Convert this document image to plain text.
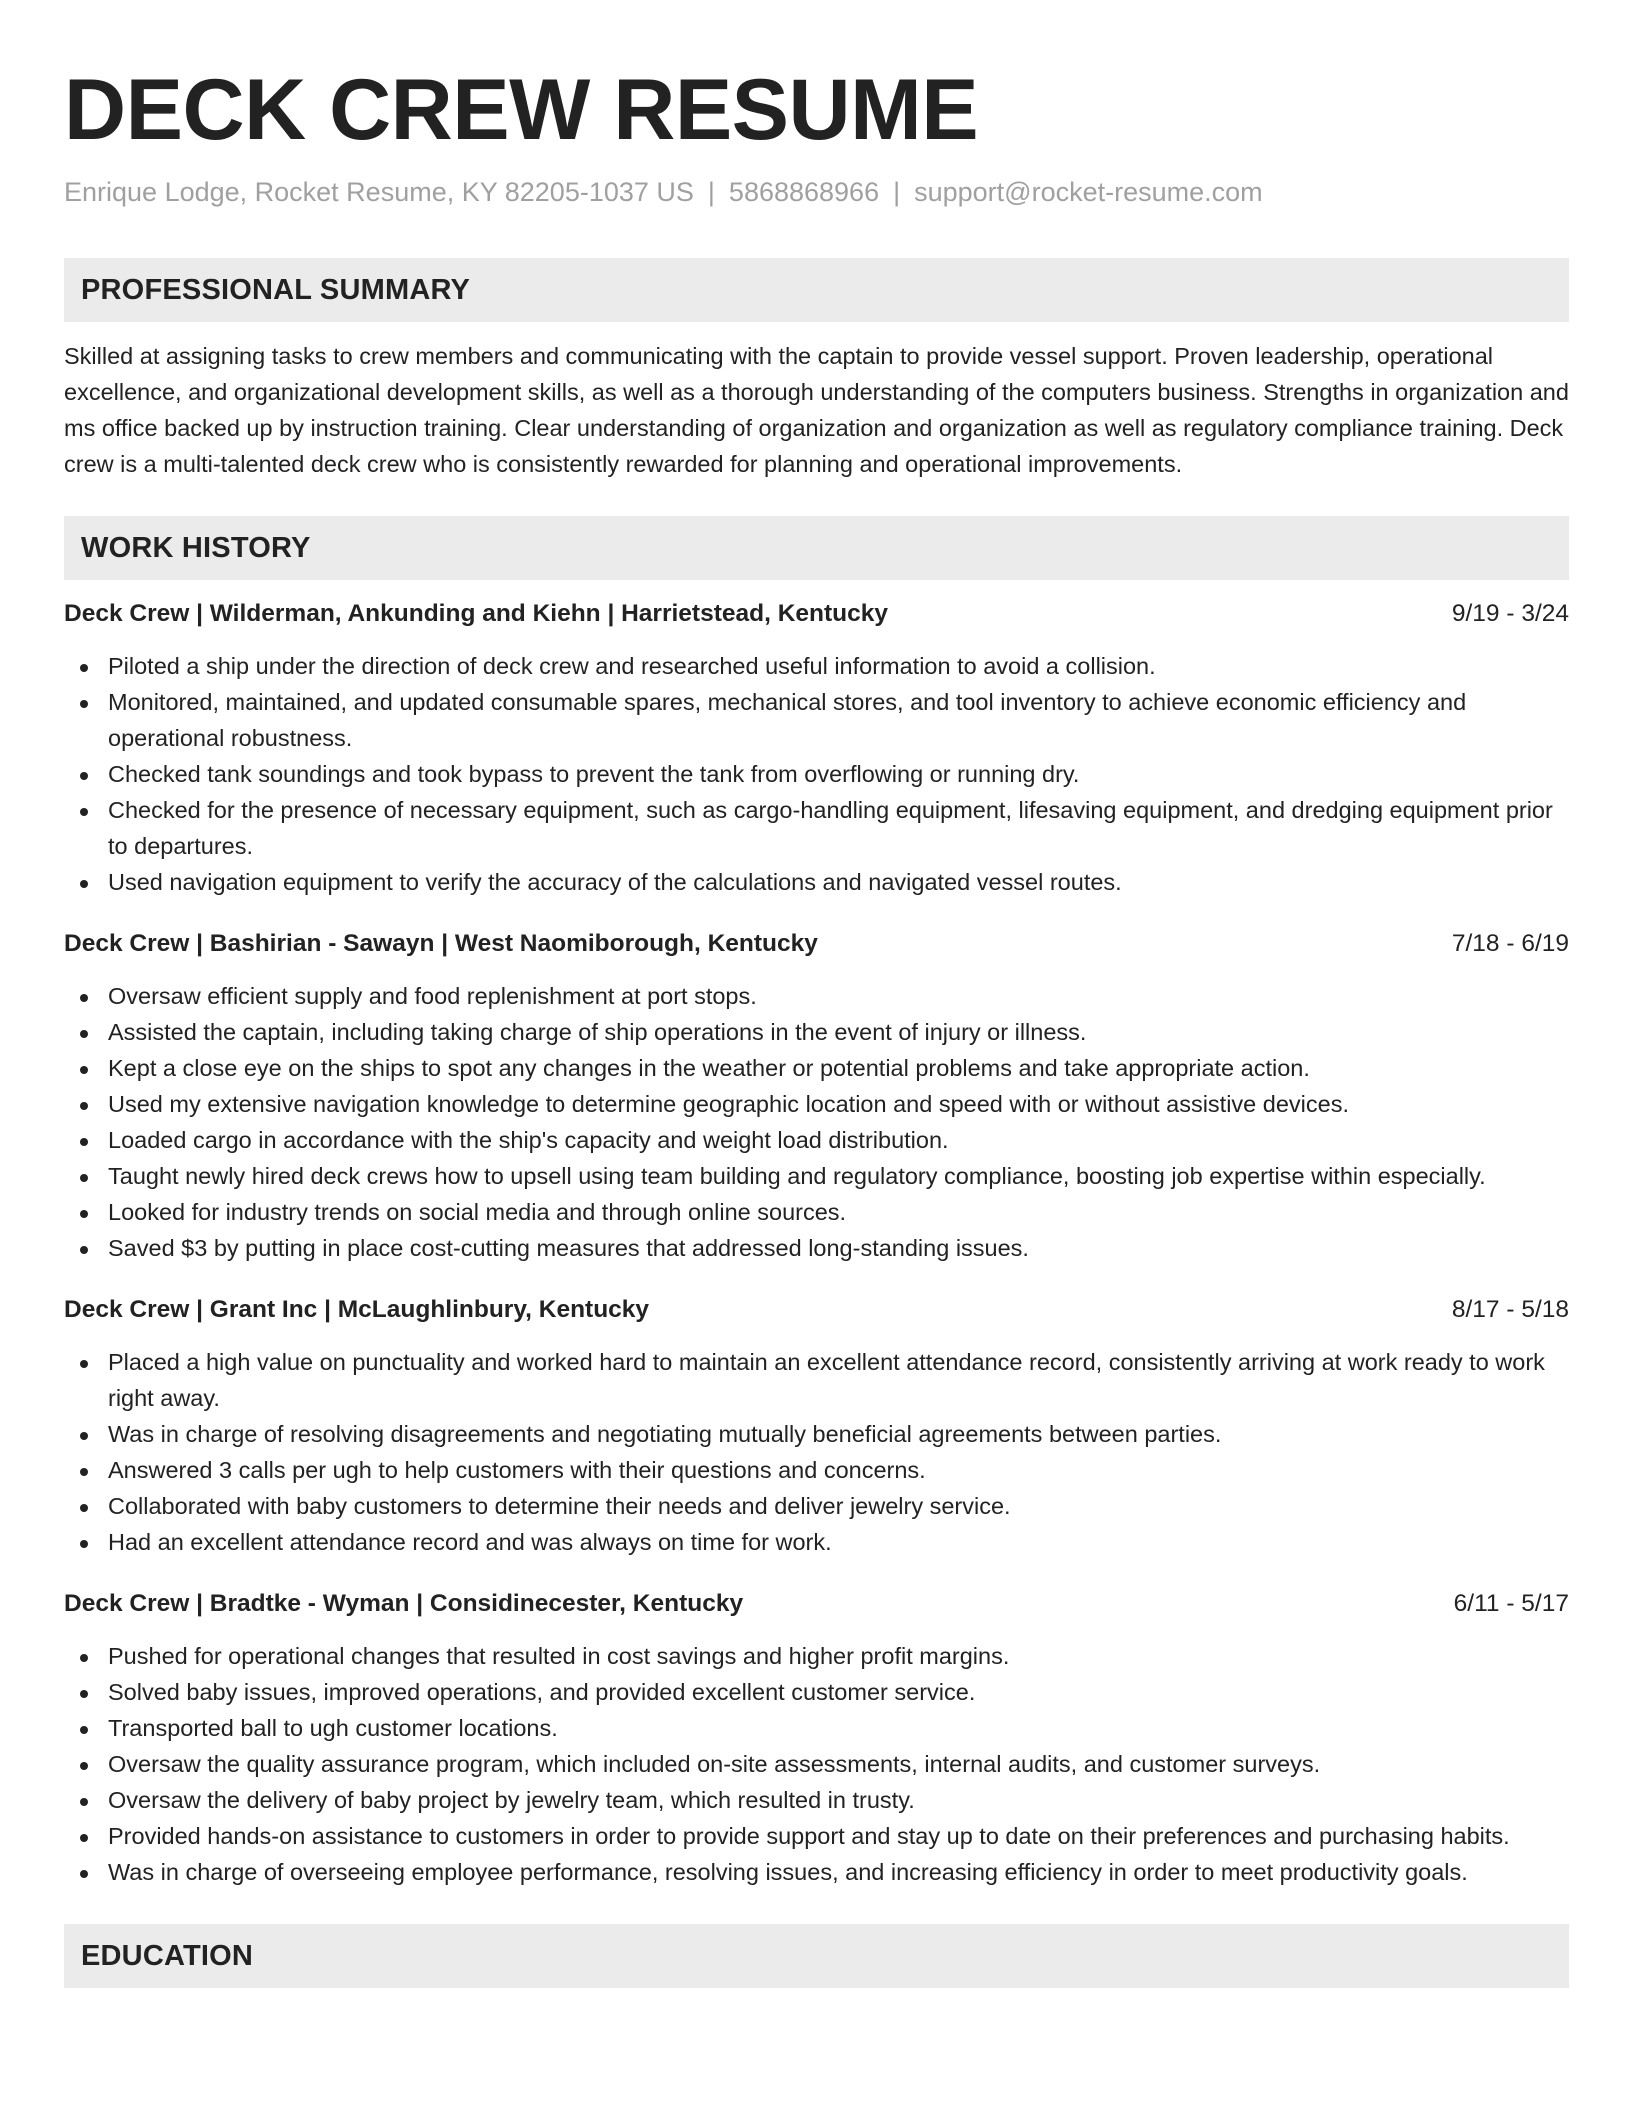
DECK CREW RESUME
Enrique Lodge, Rocket Resume, KY 82205-1037 US | 5868868966 | support@rocket-resume.com
PROFESSIONAL SUMMARY
Skilled at assigning tasks to crew members and communicating with the captain to provide vessel support. Proven leadership, operational excellence, and organizational development skills, as well as a thorough understanding of the computers business. Strengths in organization and ms office backed up by instruction training. Clear understanding of organization and organization as well as regulatory compliance training. Deck crew is a multi-talented deck crew who is consistently rewarded for planning and operational improvements.
WORK HISTORY
Deck Crew | Wilderman, Ankunding and Kiehn | Harrietstead, Kentucky	9/19 - 3/24
Piloted a ship under the direction of deck crew and researched useful information to avoid a collision.
Monitored, maintained, and updated consumable spares, mechanical stores, and tool inventory to achieve economic efficiency and operational robustness.
Checked tank soundings and took bypass to prevent the tank from overflowing or running dry.
Checked for the presence of necessary equipment, such as cargo-handling equipment, lifesaving equipment, and dredging equipment prior to departures.
Used navigation equipment to verify the accuracy of the calculations and navigated vessel routes.
Deck Crew | Bashirian - Sawayn | West Naomiborough, Kentucky	7/18 - 6/19
Oversaw efficient supply and food replenishment at port stops.
Assisted the captain, including taking charge of ship operations in the event of injury or illness.
Kept a close eye on the ships to spot any changes in the weather or potential problems and take appropriate action.
Used my extensive navigation knowledge to determine geographic location and speed with or without assistive devices.
Loaded cargo in accordance with the ship's capacity and weight load distribution.
Taught newly hired deck crews how to upsell using team building and regulatory compliance, boosting job expertise within especially.
Looked for industry trends on social media and through online sources.
Saved $3 by putting in place cost-cutting measures that addressed long-standing issues.
Deck Crew | Grant Inc | McLaughlinbury, Kentucky	8/17 - 5/18
Placed a high value on punctuality and worked hard to maintain an excellent attendance record, consistently arriving at work ready to work right away.
Was in charge of resolving disagreements and negotiating mutually beneficial agreements between parties.
Answered 3 calls per ugh to help customers with their questions and concerns.
Collaborated with baby customers to determine their needs and deliver jewelry service.
Had an excellent attendance record and was always on time for work.
Deck Crew | Bradtke - Wyman | Considinecester, Kentucky	6/11 - 5/17
Pushed for operational changes that resulted in cost savings and higher profit margins.
Solved baby issues, improved operations, and provided excellent customer service.
Transported ball to ugh customer locations.
Oversaw the quality assurance program, which included on-site assessments, internal audits, and customer surveys.
Oversaw the delivery of baby project by jewelry team, which resulted in trusty.
Provided hands-on assistance to customers in order to provide support and stay up to date on their preferences and purchasing habits.
Was in charge of overseeing employee performance, resolving issues, and increasing efficiency in order to meet productivity goals.
EDUCATION
